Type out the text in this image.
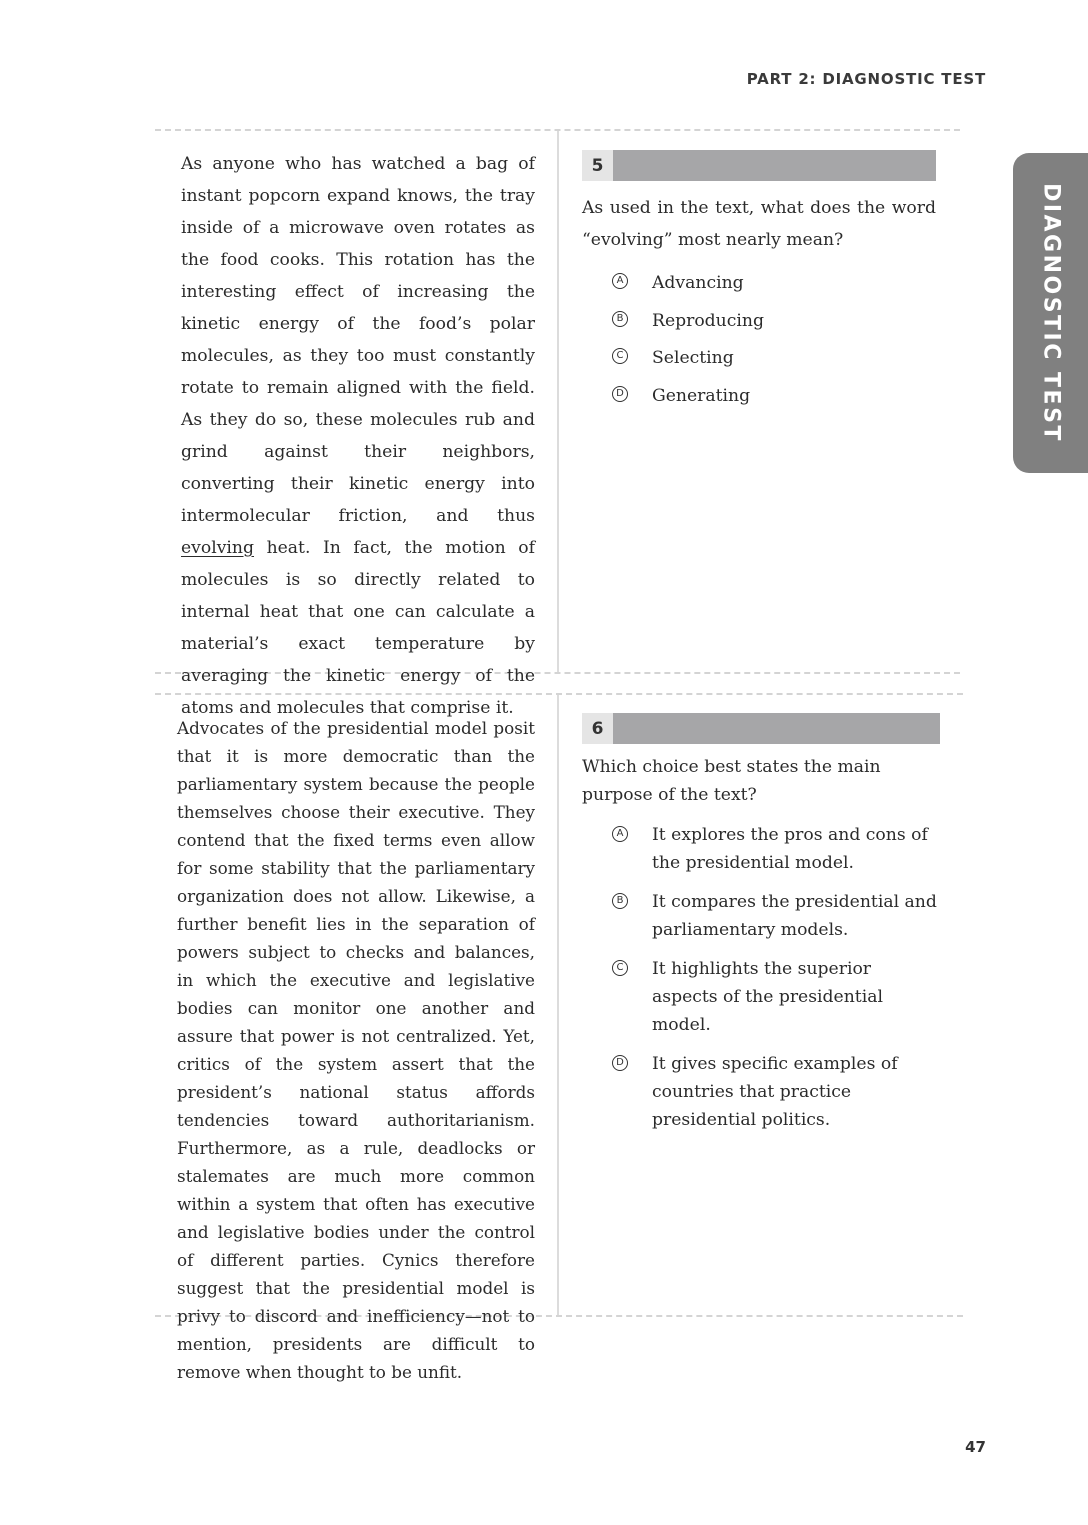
PART 2: DIAGNOSTIC TEST
DIAGNOSTIC TEST

As anyone who has watched a bag of instant popcorn expand knows, the tray inside of a microwave oven rotates as the food cooks. This rotation has the interesting effect of increasing the kinetic energy of the food’s polar molecules, as they too must constantly rotate to remain aligned with the field. As they do so, these molecules rub and grind against their neighbors, converting their kinetic energy into intermolecular friction, and thus evolving heat. In fact, the motion of molecules is so directly related to internal heat that one can calculate a material’s exact temperature by averaging the kinetic energy of the atoms and molecules that comprise it.

5

As used in the text, what does the word “evolving” most nearly mean?

A Advancing
B Reproducing
C Selecting
D Generating

Advocates of the presidential model posit that it is more democratic than the parliamentary system because the people themselves choose their executive. They contend that the fixed terms even allow for some stability that the parliamentary organization does not allow. Likewise, a further benefit lies in the separation of powers subject to checks and balances, in which the executive and legislative bodies can monitor one another and assure that power is not centralized. Yet, critics of the system assert that the president’s national status affords tendencies toward authoritarianism. Furthermore, as a rule, deadlocks or stalemates are much more common within a system that often has executive and legislative bodies under the control of different parties. Cynics therefore suggest that the presidential model is privy to discord and inefficiency—not to mention, presidents are difficult to remove when thought to be unfit.

6

Which choice best states the main purpose of the text?

A It explores the pros and cons of the presidential model.
B It compares the presidential and parliamentary models.
C It highlights the superior aspects of the presidential model.
D It gives specific examples of countries that practice presidential politics.
47
